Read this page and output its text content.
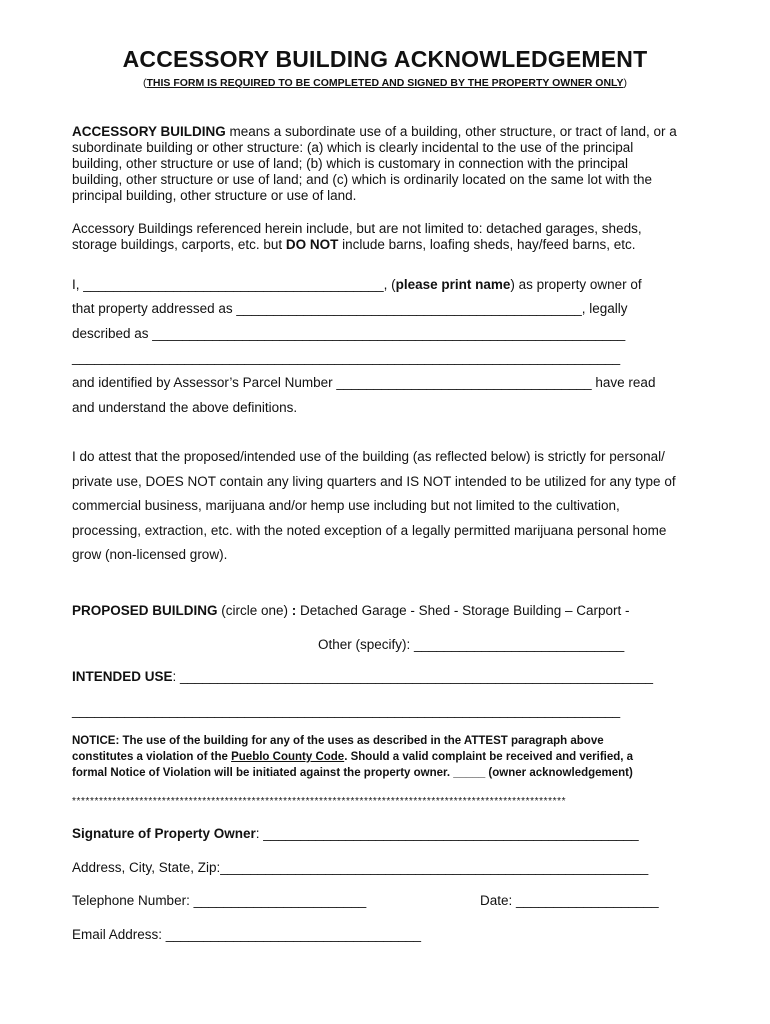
ACCESSORY BUILDING ACKNOWLEDGEMENT
(THIS FORM IS REQUIRED TO BE COMPLETED AND SIGNED BY THE PROPERTY OWNER ONLY)
ACCESSORY BUILDING means a subordinate use of a building, other structure, or tract of land, or a
subordinate building or other structure: (a) which is clearly incidental to the use of the principal
building, other structure or use of land; (b) which is customary in connection with the principal
building, other structure or use of land; and (c) which is ordinarily located on the same lot with the
principal building, other structure or use of land.
Accessory Buildings referenced herein include, but are not limited to: detached garages, sheds,
storage buildings, carports, etc. but DO NOT include barns, loafing sheds, hay/feed barns, etc.
I, ________________________________________, (please print name) as property owner of
that property addressed as ______________________________________________, legally
described as _______________________________________________________________
_________________________________________________________________________
and identified by Assessor’s Parcel Number __________________________________ have read
and understand the above definitions.
I do attest that the proposed/intended use of the building (as reflected below) is strictly for personal/
private use, DOES NOT contain any living quarters and IS NOT intended to be utilized for any type of
commercial business, marijuana and/or hemp use including but not limited to the cultivation,
processing, extraction, etc. with the noted exception of a legally permitted marijuana personal home
grow (non-licensed grow).
PROPOSED BUILDING (circle one) : Detached Garage - Shed - Storage Building – Carport -
Other (specify): ____________________________
INTENDED USE: _______________________________________________________________
_________________________________________________________________________
NOTICE: The use of the building for any of the uses as described in the ATTEST paragraph above
constitutes a violation of the Pueblo County Code. Should a valid complaint be received and verified, a
formal Notice of Violation will be initiated against the property owner. _____ (owner acknowledgement)
**************************************************************************************************************
Signature of Property Owner: __________________________________________________
Address, City, State, Zip:_________________________________________________________
Telephone Number: _______________________	Date: ___________________
Email Address: __________________________________
